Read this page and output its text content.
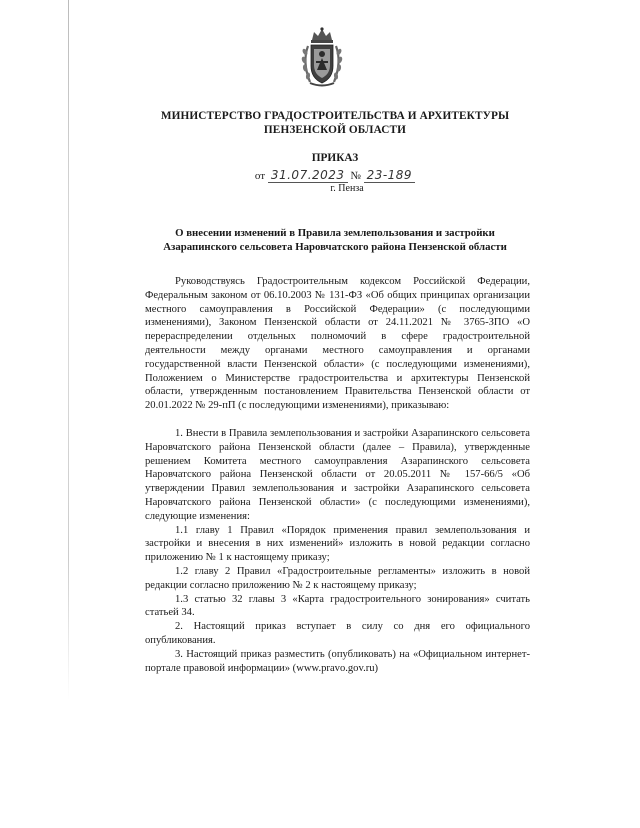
МИНИСТЕРСТВО ГРАДОСТРОИТЕЛЬСТВА И АРХИТЕКТУРЫ
ПЕНЗЕНСКОЙ ОБЛАСТИ
ПРИКАЗ
от 31.07.2023 № 23-189
г. Пенза
О внесении изменений в Правила землепользования и застройки Азарапинского сельсовета Наровчатского района Пензенской области

Руководствуясь Градостроительным кодексом Российской Федерации, Федеральным законом от 06.10.2003 № 131-ФЗ «Об общих принципах организации местного самоуправления в Российской Федерации» (с последующими изменениями), Законом Пензенской области от 24.11.2021 № 3765-ЗПО «О перераспределении отдельных полномочий в сфере градостроительной деятельности между органами местного самоуправления и органами государственной власти Пензенской области» (с последующими изменениями), Положением о Министерстве градостроительства и архитектуры Пензенской области, утвержденным постановлением Правительства Пензенской области от 20.01.2022 № 29-пП (с последующими изменениями), приказываю:

1. Внести в Правила землепользования и застройки Азарапинского сельсовета Наровчатского района Пензенской области (далее – Правила), утвержденные решением Комитета местного самоуправления Азарапинского сельсовета Наровчатского района Пензенской области от 20.05.2011 № 157-66/5 «Об утверждении Правил землепользования и застройки Азарапинского сельсовета Наровчатского района Пензенской области» (с последующими изменениями), следующие изменения:

1.1 главу 1 Правил «Порядок применения правил землепользования и застройки и внесения в них изменений» изложить в новой редакции согласно приложению № 1 к настоящему приказу;

1.2 главу 2 Правил «Градостроительные регламенты» изложить в новой редакции согласно приложению № 2 к настоящему приказу;

1.3 статью 32 главы 3 «Карта градостроительного зонирования» считать статьей 34.

2. Настоящий приказ вступает в силу со дня его официального опубликования.

3. Настоящий приказ разместить (опубликовать) на «Официальном интернет-портале правовой информации» (www.pravo.gov.ru)
